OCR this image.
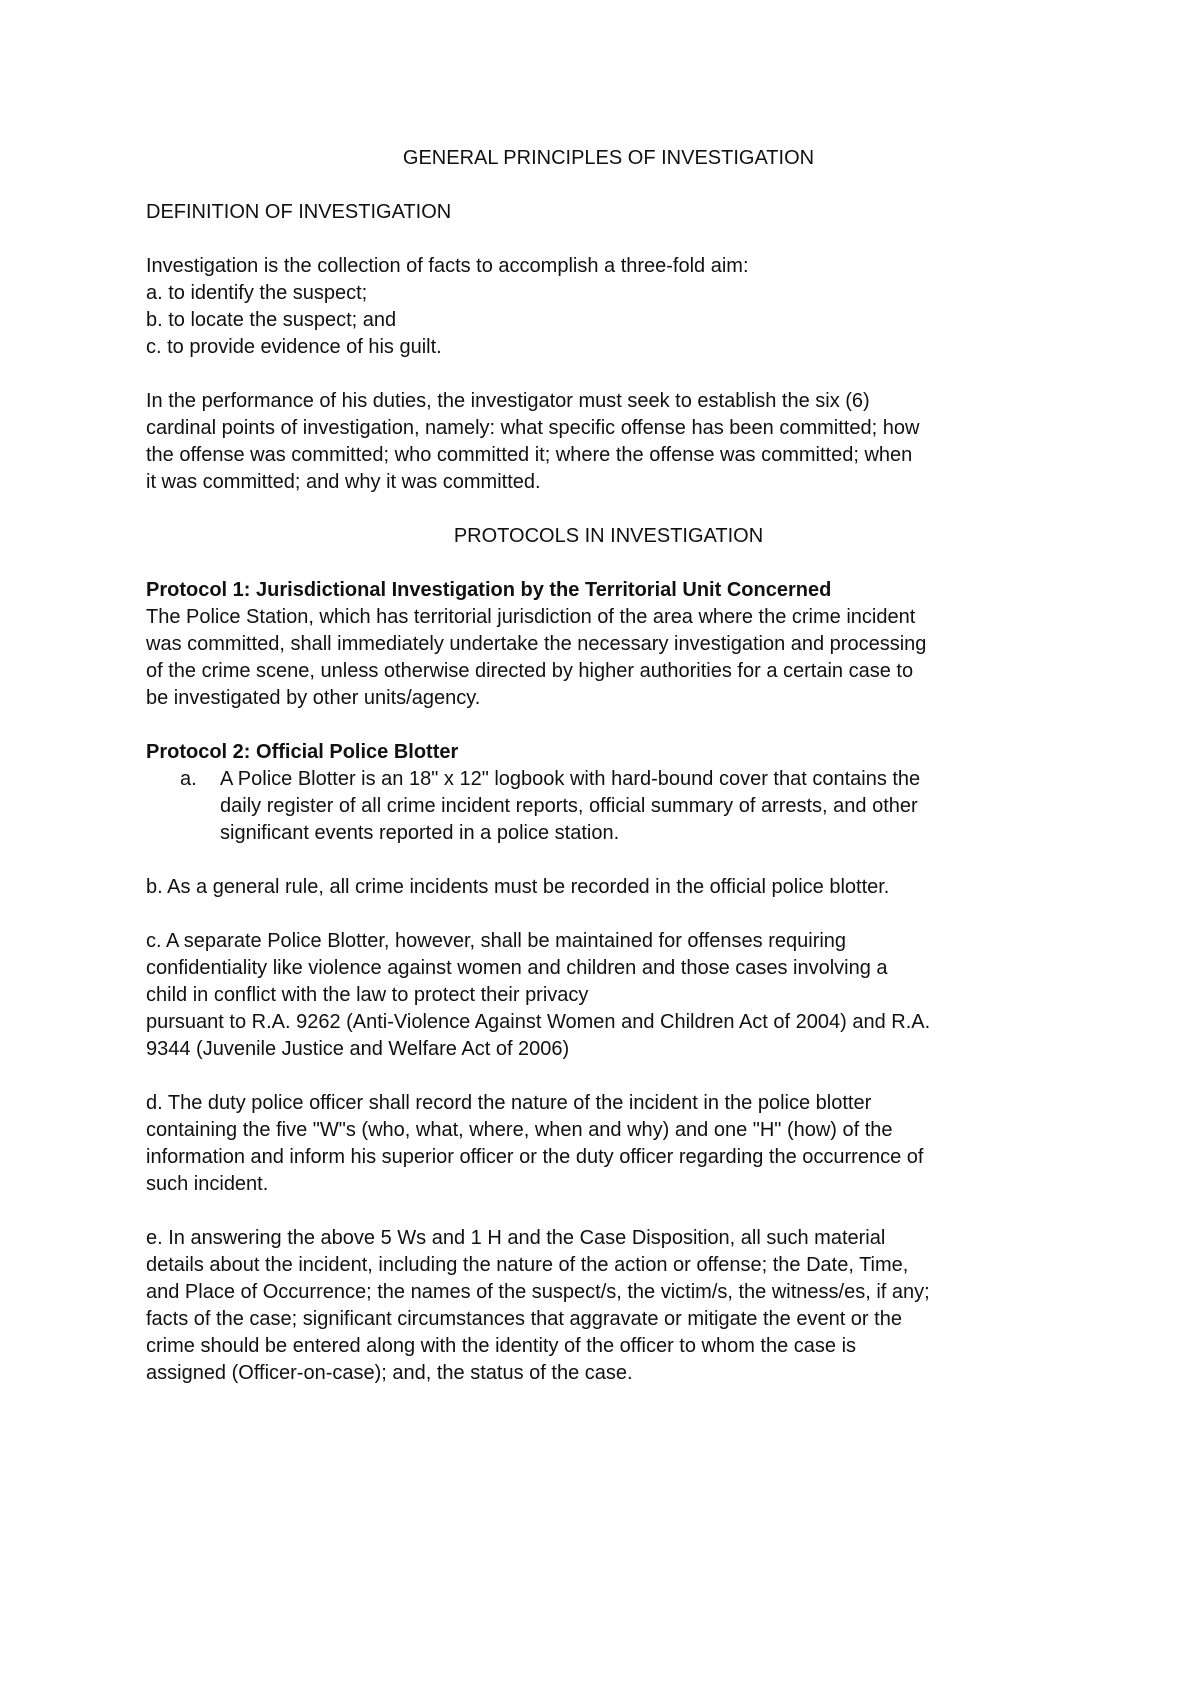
GENERAL PRINCIPLES OF INVESTIGATION

DEFINITION OF INVESTIGATION

Investigation is the collection of facts to accomplish a three-fold aim:
a. to identify the suspect;
b. to locate the suspect; and
c. to provide evidence of his guilt.
In the performance of his duties, the investigator must seek to establish the six (6)
cardinal points of investigation, namely: what specific offense has been committed; how
the offense was committed; who committed it; where the offense was committed; when
it was committed; and why it was committed.

PROTOCOLS IN INVESTIGATION

Protocol 1: Jurisdictional Investigation by the Territorial Unit Concerned

The Police Station, which has territorial jurisdiction of the area where the crime incident
was committed, shall immediately undertake the necessary investigation and processing
of the crime scene, unless otherwise directed by higher authorities for a certain case to
be investigated by other units/agency.

Protocol 2: Official Police Blotter

a.	A Police Blotter is an 18" x 12" logbook with hard-bound cover that contains the
daily register of all crime incident reports, official summary of arrests, and other
significant events reported in a police station.
b. As a general rule, all crime incidents must be recorded in the official police blotter.
c. A separate Police Blotter, however, shall be maintained for offenses requiring
confidentiality like violence against women and children and those cases involving a
child in conflict with the law to protect their privacy
pursuant to R.A. 9262 (Anti-Violence Against Women and Children Act of 2004) and R.A.
9344 (Juvenile Justice and Welfare Act of 2006)
d. The duty police officer shall record the nature of the incident in the police blotter
containing the five "W"s (who, what, where, when and why) and one "H" (how) of the
information and inform his superior officer or the duty officer regarding the occurrence of
such incident.
e. In answering the above 5 Ws and 1 H and the Case Disposition, all such material
details about the incident, including the nature of the action or offense; the Date, Time,
and Place of Occurrence; the names of the suspect/s, the victim/s, the witness/es, if any;
facts of the case; significant circumstances that aggravate or mitigate the event or the
crime should be entered along with the identity of the officer to whom the case is
assigned (Officer-on-case); and, the status of the case.
